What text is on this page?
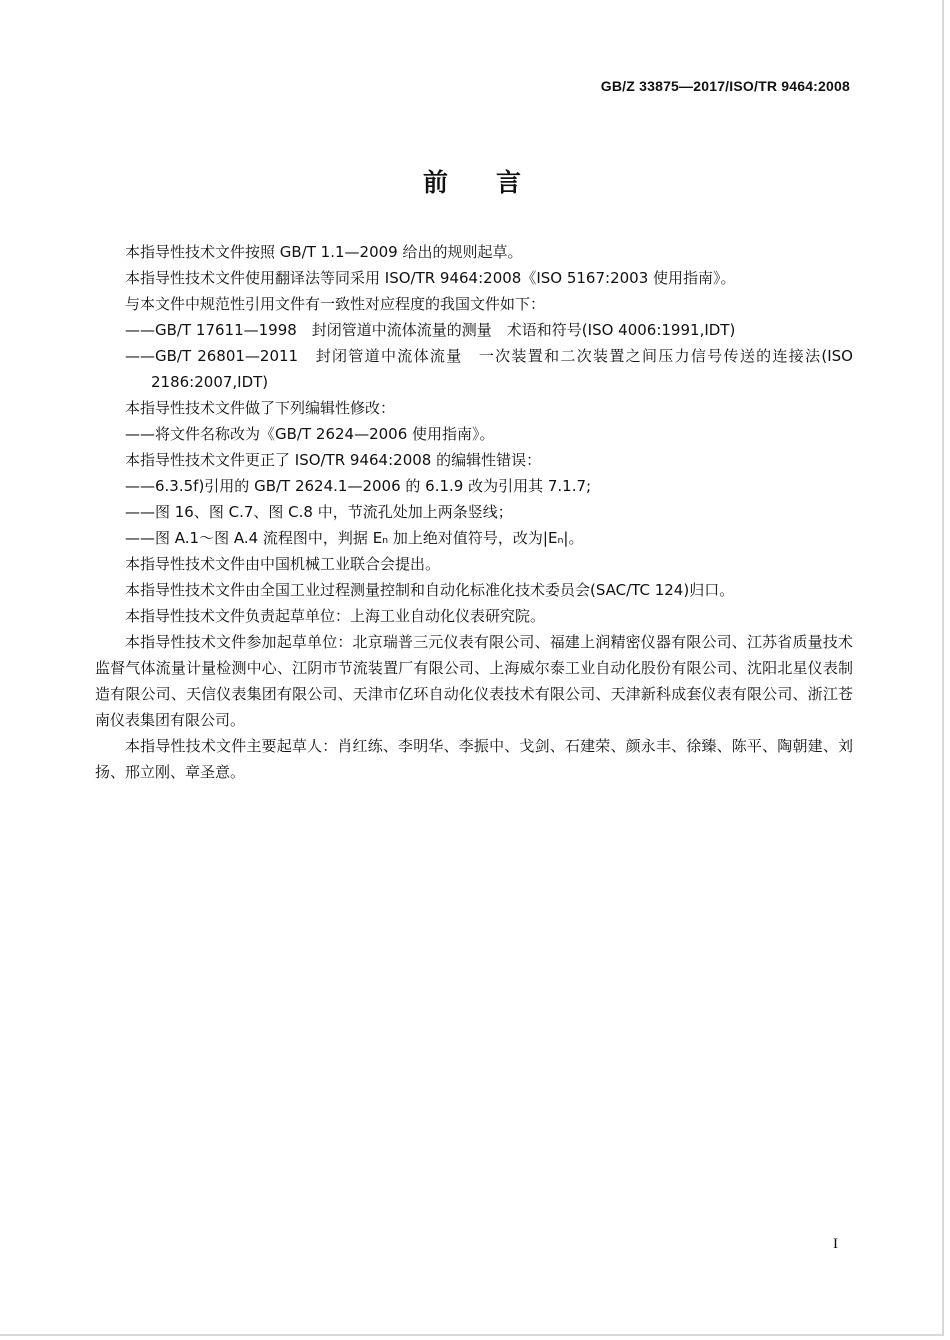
GB/Z 33875—2017/ISO/TR 9464:2008
前言

本指导性技术文件按照 GB/T 1.1—2009 给出的规则起草。

本指导性技术文件使用翻译法等同采用 ISO/TR 9464:2008《ISO 5167:2003 使用指南》。

与本文件中规范性引用文件有一致性对应程度的我国文件如下：

——GB/T 17611—1998　封闭管道中流体流量的测量　术语和符号(ISO 4006:1991,IDT)

——GB/T 26801—2011　封闭管道中流体流量　一次装置和二次装置之间压力信号传送的连接法(ISO 2186:2007,IDT)

本指导性技术文件做了下列编辑性修改：

——将文件名称改为《GB/T 2624—2006 使用指南》。

本指导性技术文件更正了 ISO/TR 9464:2008 的编辑性错误：

——6.3.5f)引用的 GB/T 2624.1—2006 的 6.1.9 改为引用其 7.1.7;

——图 16、图 C.7、图 C.8 中，节流孔处加上两条竖线；

——图 A.1～图 A.4 流程图中，判据 Eₙ 加上绝对值符号，改为|Eₙ|。

本指导性技术文件由中国机械工业联合会提出。

本指导性技术文件由全国工业过程测量控制和自动化标准化技术委员会(SAC/TC 124)归口。

本指导性技术文件负责起草单位：上海工业自动化仪表研究院。

本指导性技术文件参加起草单位：北京瑞普三元仪表有限公司、福建上润精密仪器有限公司、江苏省质量技术监督气体流量计量检测中心、江阴市节流装置厂有限公司、上海威尔泰工业自动化股份有限公司、沈阳北星仪表制造有限公司、天信仪表集团有限公司、天津市亿环自动化仪表技术有限公司、天津新科成套仪表有限公司、浙江苍南仪表集团有限公司。

本指导性技术文件主要起草人：肖红练、李明华、李振中、戈剑、石建荣、颜永丰、徐臻、陈平、陶朝建、刘扬、邢立刚、章圣意。

I
